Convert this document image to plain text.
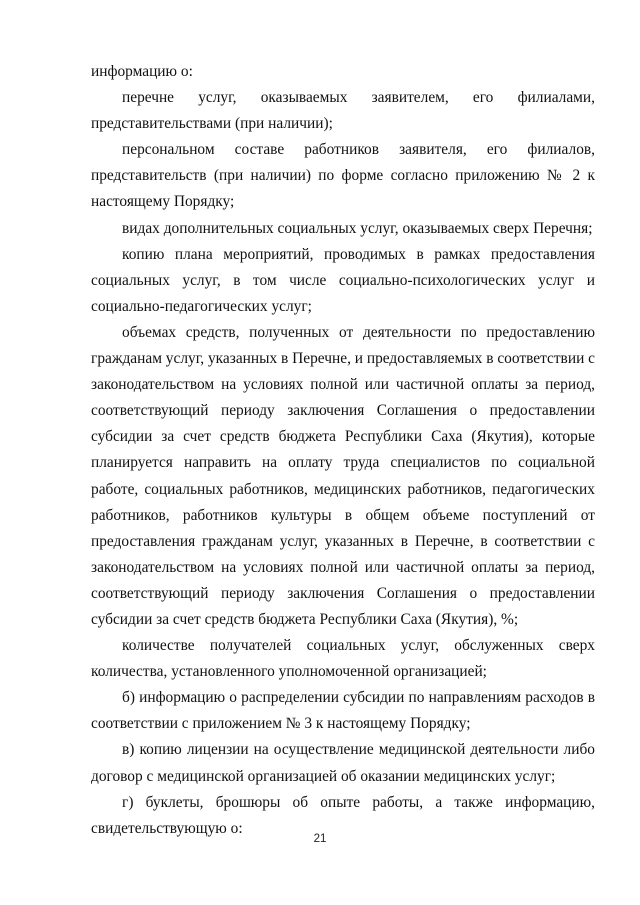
информацию о:

перечне услуг, оказываемых заявителем, его филиалами, представительствами (при наличии);

персональном составе работников заявителя, его филиалов, представительств (при наличии) по форме согласно приложению № 2 к настоящему Порядку;

видах дополнительных социальных услуг, оказываемых сверх Перечня;

копию плана мероприятий, проводимых в рамках предоставления социальных услуг, в том числе социально-психологических услуг и социально-педагогических услуг;

объемах средств, полученных от деятельности по предоставлению гражданам услуг, указанных в Перечне, и предоставляемых в соответствии с законодательством на условиях полной или частичной оплаты за период, соответствующий периоду заключения Соглашения о предоставлении субсидии за счет средств бюджета Республики Саха (Якутия), которые планируется направить на оплату труда специалистов по социальной работе, социальных работников, медицинских работников, педагогических работников, работников культуры в общем объеме поступлений от предоставления гражданам услуг, указанных в Перечне, в соответствии с законодательством на условиях полной или частичной оплаты за период, соответствующий периоду заключения Соглашения о предоставлении субсидии за счет средств бюджета Республики Саха (Якутия), %;

количестве получателей социальных услуг, обслуженных сверх количества, установленного уполномоченной организацией;

б) информацию о распределении субсидии по направлениям расходов в соответствии с приложением № 3 к настоящему Порядку;

в) копию лицензии на осуществление медицинской деятельности либо договор с медицинской организацией об оказании медицинских услуг;

г) буклеты, брошюры об опыте работы, а также информацию, свидетельствующую о:

21
